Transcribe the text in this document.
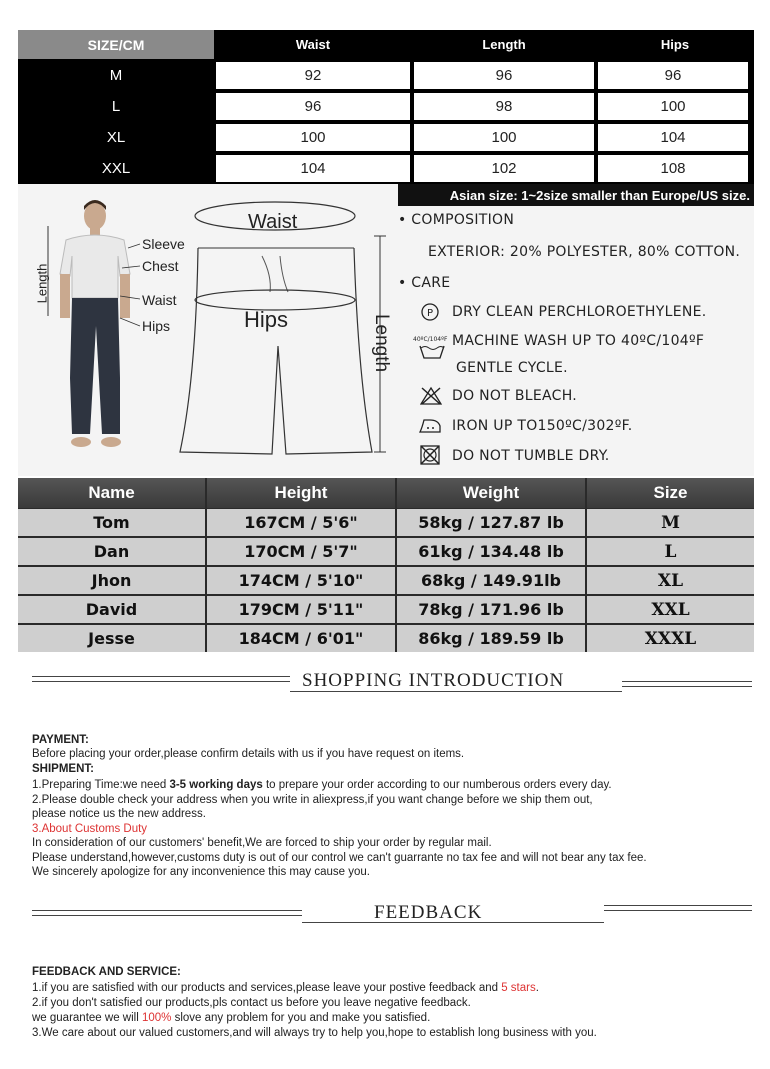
SIZE/CM	Waist	Length	Hips
M	92	96	96
L	96	98	100
XL	100	100	104
XXL	104	102	108
Asian size: 1~2size smaller than Europe/US size.
Length
Sleeve
Chest
Waist
Hips
Waist
Hips	Length
• COMPOSITION
EXTERIOR: 20% POLYESTER, 80% COTTON.
• CARE
P DRY CLEAN PERCHLOROETHYLENE.
40ºC/104ºF MACHINE WASH UP TO 40ºC/104ºF
GENTLE CYCLE.
DO NOT BLEACH.
IRON UP TO150ºC/302ºF.
DO NOT TUMBLE DRY.
Name	Height	Weight	Size
Tom	167CM / 5'6"	58kg / 127.87 lb	M
Dan	170CM / 5'7"	61kg / 134.48 lb	L
Jhon	174CM / 5'10"	68kg / 149.91lb	XL
David	179CM / 5'11"	78kg / 171.96 lb	XXL
Jesse	184CM / 6'01"	86kg / 189.59 lb	XXXL
SHOPPING INTRODUCTION
PAYMENT:
Before placing your order,please confirm details with us if you have request on items.
SHIPMENT:
1.Preparing Time:we need 3-5 working days to prepare your order according to our numberous orders every day.
2.Please double check your address when you write in aliexpress,if you want change before we ship them out,
please notice us the new address.
3.About Customs Duty
In consideration of our customers' benefit,We are forced to ship your order by regular mail.
Please understand,however,customs duty is out of our control we can't guarrante no tax fee and will not bear any tax fee.
We sincerely apologize for any inconvenience this may cause you.
FEEDBACK
FEEDBACK AND SERVICE:
1.if you are satisfied with our products and services,please leave your postive feedback and 5 stars.
2.if you don't satisfied our products,pls contact us before you leave negative feedback.
we guarantee we will 100% slove any problem for you and make you satisfied.
3.We care about our valued customers,and will always try to help you,hope to establish long business with you.
